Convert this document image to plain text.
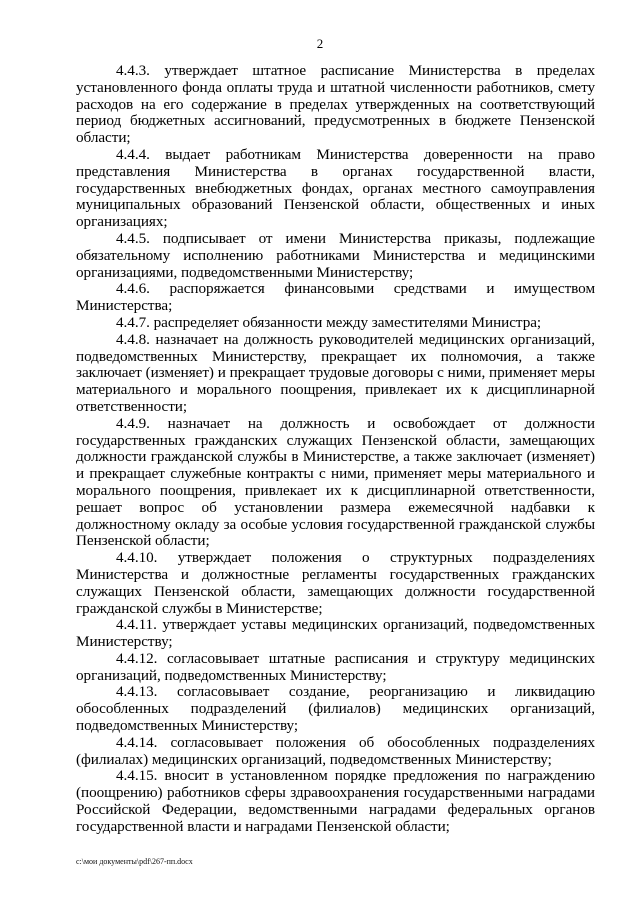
2

4.4.3. утверждает штатное расписание Министерства в пределах установленного фонда оплаты труда и штатной численности работников, смету расходов на его содержание в пределах утвержденных на соответствующий период бюджетных ассигнований, предусмотренных в бюджете Пензенской области;

4.4.4. выдает работникам Министерства доверенности на право представления Министерства в органах государственной власти, государственных внебюджетных фондах, органах местного самоуправления муниципальных образований Пензенской области, общественных и иных организациях;

4.4.5. подписывает от имени Министерства приказы, подлежащие обязательному исполнению работниками Министерства и медицинскими организациями, подведомственными Министерству;

4.4.6. распоряжается финансовыми средствами и имуществом Министерства;

4.4.7. распределяет обязанности между заместителями Министра;

4.4.8. назначает на должность руководителей медицинских организаций, подведомственных Министерству, прекращает их полномочия, а также заключает (изменяет) и прекращает трудовые договоры с ними, применяет меры материального и морального поощрения, привлекает их к дисциплинарной ответственности;

4.4.9. назначает на должность и освобождает от должности государственных гражданских служащих Пензенской области, замещающих должности гражданской службы в Министерстве, а также заключает (изменяет) и прекращает служебные контракты с ними, применяет меры материального и морального поощрения, привлекает их к дисциплинарной ответственности, решает вопрос об установлении размера ежемесячной надбавки к должностному окладу за особые условия государственной гражданской службы Пензенской области;

4.4.10. утверждает положения о структурных подразделениях Министерства и должностные регламенты государственных гражданских служащих Пензенской области, замещающих должности государственной гражданской службы в Министерстве;

4.4.11. утверждает уставы медицинских организаций, подведомственных Министерству;

4.4.12. согласовывает штатные расписания и структуру медицинских организаций, подведомственных Министерству;

4.4.13. согласовывает создание, реорганизацию и ликвидацию обособленных подразделений (филиалов) медицинских организаций, подведомственных Министерству;

4.4.14. согласовывает положения об обособленных подразделениях (филиалах) медицинских организаций, подведомственных Министерству;

4.4.15. вносит в установленном порядке предложения по награждению (поощрению) работников сферы здравоохранения государственными наградами Российской Федерации, ведомственными наградами федеральных органов государственной власти и наградами Пензенской области;

c:\мои документы\pdf\267-пп.docx
